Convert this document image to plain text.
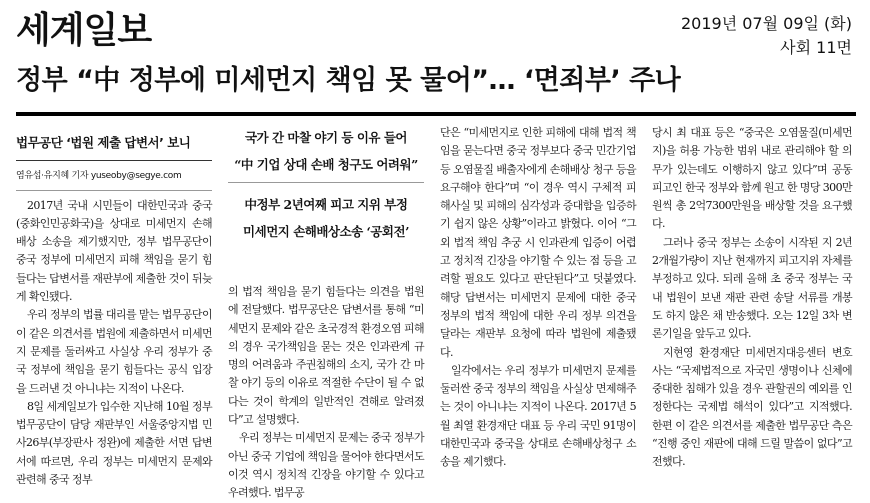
세계일보	2019년 07월 09일 (화)
사회 11면
정부 “中 정부에 미세먼지 책임 못 물어”… ‘면죄부’ 주나
법무공단 ‘법원 제출 답변서’ 보니
염유섭·유지혜 기자 yuseoby@segye.com

2017년 국내 시민들이 대한민국과 중국(중화인민공화국)을 상대로 미세먼지 손해배상 소송을 제기했지만, 정부 법무공단이 중국 정부에 미세먼지 피해 책임을 묻기 힘들다는 답변서를 재판부에 제출한 것이 뒤늦게 확인됐다.

우리 정부의 법률 대리를 맡는 법무공단이 이 같은 의견서를 법원에 제출하면서 미세먼지 문제를 둘러싸고 사실상 우리 정부가 중국 정부에 책임을 묻기 힘들다는 공식 입장을 드러낸 것 아니냐는 지적이 나온다.

8일 세계일보가 입수한 지난해 10월 정부법무공단이 담당 재판부인 서울중앙지법 민사26부(부장판사 정완)에 제출한 서면 답변서에 따르면, 우리 정부는 미세먼지 문제와 관련해 중국 정부

국가 간 마찰 야기 등 이유 들어
“中 기업 상대 손배 청구도 어려워”
中정부 2년여째 피고 지위 부정
미세먼지 손해배상소송 ‘공회전’

의 법적 책임을 묻기 힘들다는 의견을 법원에 전달했다. 법무공단은 답변서를 통해 “미세먼지 문제와 같은 초국경적 환경오염 피해의 경우 국가책임을 묻는 것은 인과관계 규명의 어려움과 주권침해의 소지, 국가 간 마찰 야기 등의 이유로 적절한 수단이 될 수 없다는 것이 학계의 일반적인 견해로 알려졌다”고 설명했다.

우리 정부는 미세먼지 문제는 중국 정부가 아닌 중국 기업에 책임을 물어야 한다면서도 이것 역시 정치적 긴장을 야기할 수 있다고 우려했다. 법무공

단은 “미세먼지로 인한 피해에 대해 법적 책임을 묻는다면 중국 정부보다 중국 민간기업 등 오염물질 배출자에게 손해배상 청구 등을 요구해야 한다”며 “이 경우 역시 구체적 피해사실 및 피해의 심각성과 증대함을 입증하기 쉽지 않은 상황”이라고 밝혔다. 이어 “그 외 법적 책임 추궁 시 인과관계 입증이 어렵고 정치적 긴장을 야기할 수 있는 점 등을 고려할 필요도 있다고 판단된다”고 덧붙였다. 해당 답변서는 미세먼지 문제에 대한 중국 정부의 법적 책임에 대한 우리 정부 의견을 달라는 재판부 요청에 따라 법원에 제출됐다.

일각에서는 우리 정부가 미세먼지 문제를 둘러싼 중국 정부의 책임을 사실상 면제해주는 것이 아니냐는 지적이 나온다. 2017년 5월 최열 환경재단 대표 등 우리 국민 91명이 대한민국과 중국을 상대로 손해배상청구 소송을 제기했다.

당시 최 대표 등은 “중국은 오염물질(미세먼지)을 허용 가능한 범위 내로 관리해야 할 의무가 있는데도 이행하지 않고 있다”며 공동 피고인 한국 정부와 함께 원고 한 명당 300만원씩 총 2억7300만원을 배상할 것을 요구했다.

그러나 중국 정부는 소송이 시작된 지 2년2개월가량이 지난 현재까지 피고지위 자체를 부정하고 있다. 되레 올해 초 중국 정부는 국내 법원이 보낸 재판 관련 송달 서류를 개봉도 하지 않은 채 반송했다. 오는 12일 3차 변론기일을 앞두고 있다.

지현영 환경재단 미세먼지대응센터 변호사는 “국제법적으로 자국민 생명이나 신체에 중대한 침해가 있을 경우 관할권의 예외를 인정한다는 국제법 해석이 있다”고 지적했다. 한편 이 같은 의견서를 제출한 법무공단 측은 “진행 중인 재판에 대해 드릴 말씀이 없다”고 전했다.
